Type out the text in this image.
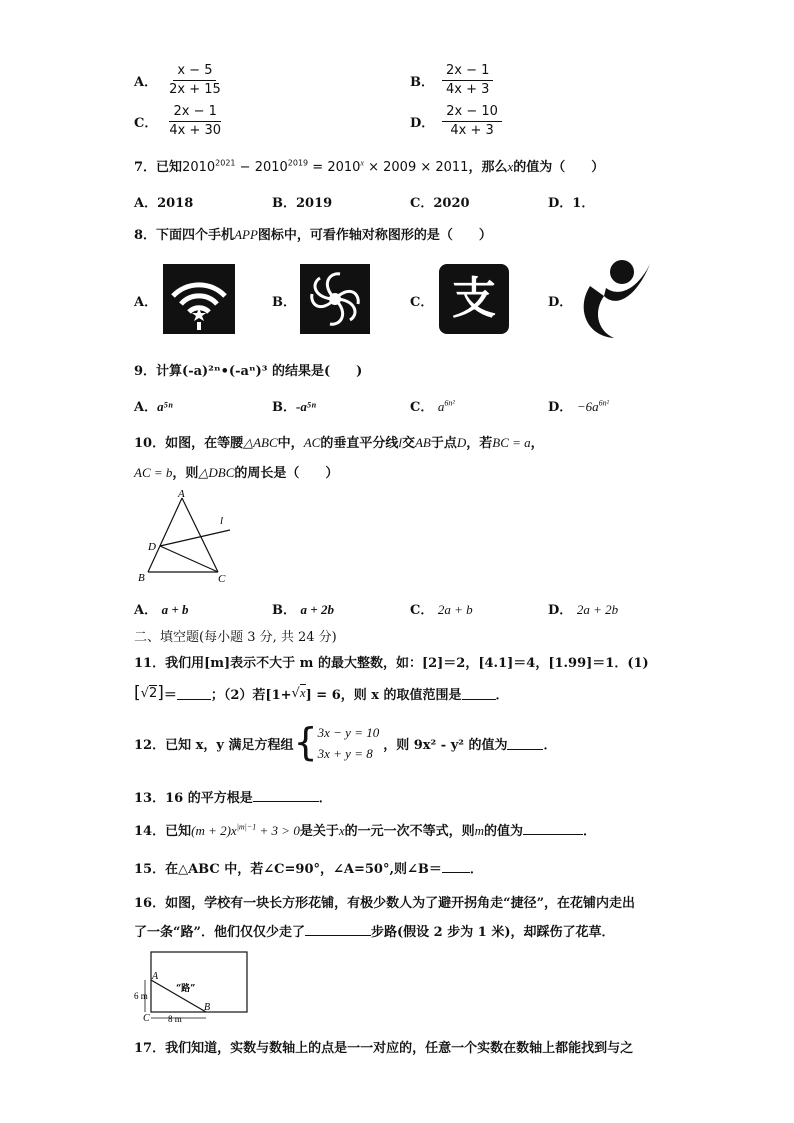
A． $\frac{x - 5}{2x + 15}$	B． $\frac{2x - 1}{4x + 3}$
C． $\frac{2x - 1}{4x + 30}$	D． $\frac{2x - 10}{4x + 3}$
7．已知$2010^{2021} - 2010^{2019} = 2010^x \times 2009 \times 2011$，那么x的值为（　　）
A．2018	B．2019	C．2020	D．1．
8．下面四个手机APP图标中，可看作轴对称图形的是（　　）
A．	B．	C．	D．
支
9．计算(-a)²ⁿ•(-aⁿ)³ 的结果是(　　)
A．a⁵ⁿ	B．-a⁵ⁿ	C． $a^{6n^2}$	D． $-6a^{6n^2}$
10．如图，在等腰△ABC中，AC的垂直平分线l交AB于点D，若BC = a，
AC = b，则△DBC的周长是（　　）
A
B	C
D
l
A． a + b	B． a + 2b	C． 2a + b	D． 2a + 2b
二、填空题(每小题 3 分, 共 24 分)
11．我们用[m]表示不大于 m 的最大整数，如：[2]＝2，[4.1]＝4，[1.99]＝1．(1)
[ √2 ] ＝	；（2）若[1+ √x ] = 6，则 x 的取值范围是	．
12． 已知 x，y 满足方程组 { 3x − y = 10
3x + y = 8
，则 9x² - y² 的值为	．
13．16 的平方根是	．
14．已知$(m + 2)x^{|m|-1} + 3 > 0$是关于x的一元一次不等式，则m的值为	．
15．在△ABC 中，若∠C=90°，∠A=50°,则∠B＝ ．
16．如图，学校有一块长方形花铺，有极少数人为了避开拐角走“捷径”，在花铺内走出
了一条“路”．他们仅仅少走了	步路(假设 2 步为 1 米)，却踩伤了花草．
A
B
C
“路”
6 m
8 m
17．我们知道，实数与数轴上的点是一一对应的，任意一个实数在数轴上都能找到与之
